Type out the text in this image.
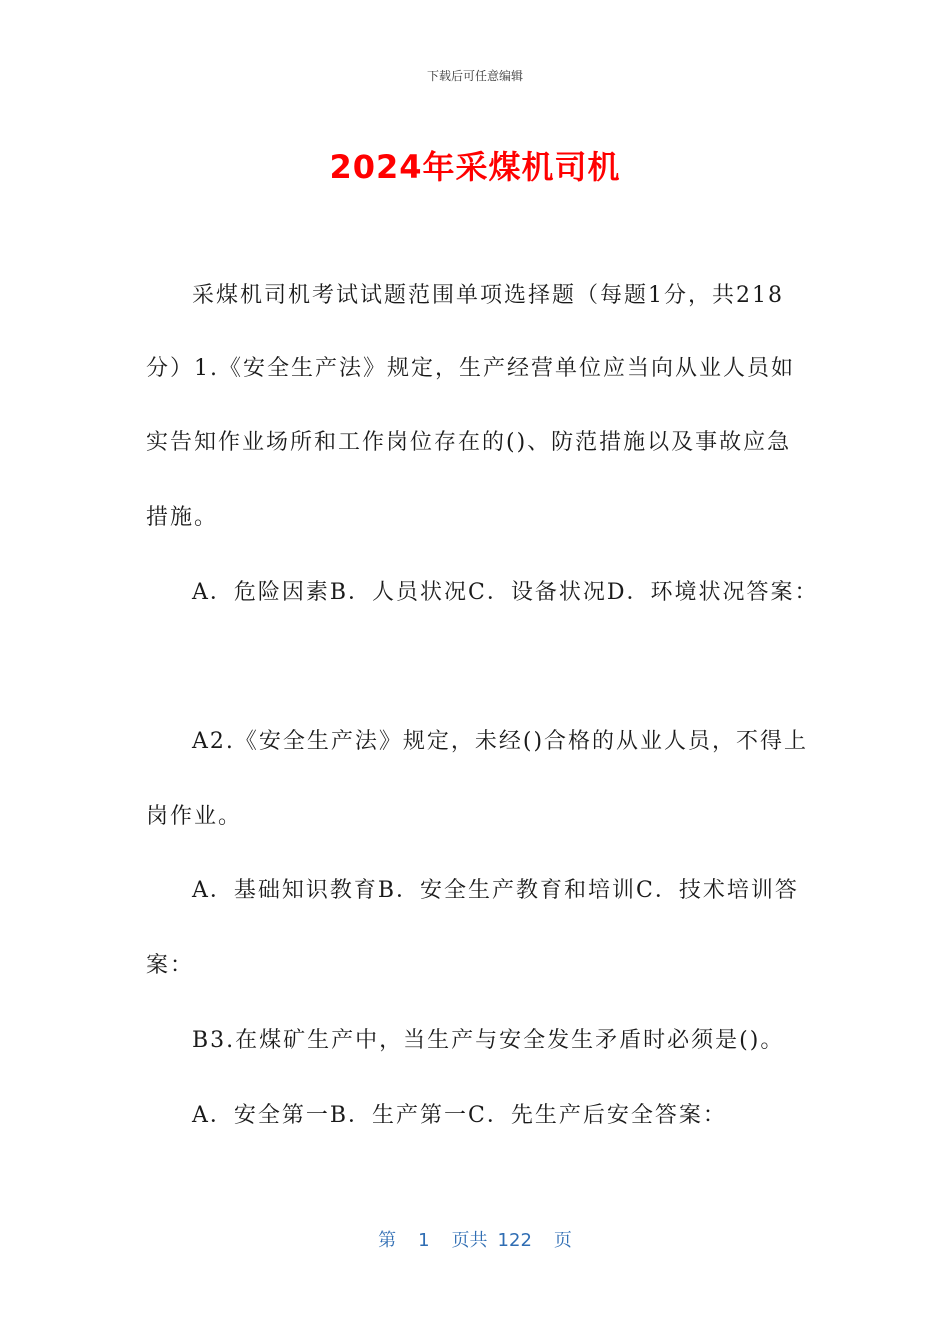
下载后可任意编辑
2024年采煤机司机
采煤机司机考试试题范围单项选择题（每题1分，共218
分）1.《安全生产法》规定，生产经营单位应当向从业人员如
实告知作业场所和工作岗位存在的()、防范措施以及事故应急
措施。
A．危险因素B．人员状况C．设备状况D．环境状况答案：
A2.《安全生产法》规定，未经()合格的从业人员，不得上
岗作业。
A．基础知识教育B．安全生产教育和培训C．技术培训答
案：
B3.在煤矿生产中，当生产与安全发生矛盾时必须是()。
A．安全第一B．生产第一C．先生产后安全答案：
第 1 页共 122 页
